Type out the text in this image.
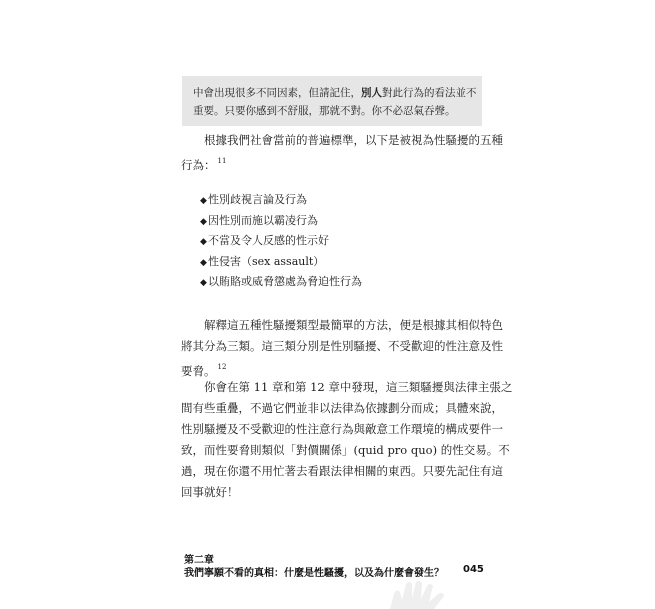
中會出現很多不同因素，但請記住，別人對此行為的看法並不
重要。只要你感到不舒服，那就不對。你不必忍氣吞聲。
根據我們社會當前的普遍標準，以下是被視為性騷擾的五種
行為： $^{11}$
◆性別歧視言論及行為
◆因性別而施以霸凌行為
◆不當及令人反感的性示好
◆性侵害（sex assault）
◆以賄賂或威脅懲處為脅迫性行為
解釋這五種性騷擾類型最簡單的方法，便是根據其相似特色
將其分為三類。這三類分別是性別騷擾、不受歡迎的性注意及性
要脅。 $^{12}$
你會在第 11 章和第 12 章中發現，這三類騷擾與法律主張之
間有些重疊，不過它們並非以法律為依據劃分而成；具體來說，
性別騷擾及不受歡迎的性注意行為與敵意工作環境的構成要件一
致，而性要脅則類似「對價關係」(quid pro quo) 的性交易。不
過，現在你還不用忙著去看跟法律相關的東西。只要先記住有這
回事就好！
第二章
我們寧願不看的真相：什麼是性騷擾，以及為什麼會發生？ 045
